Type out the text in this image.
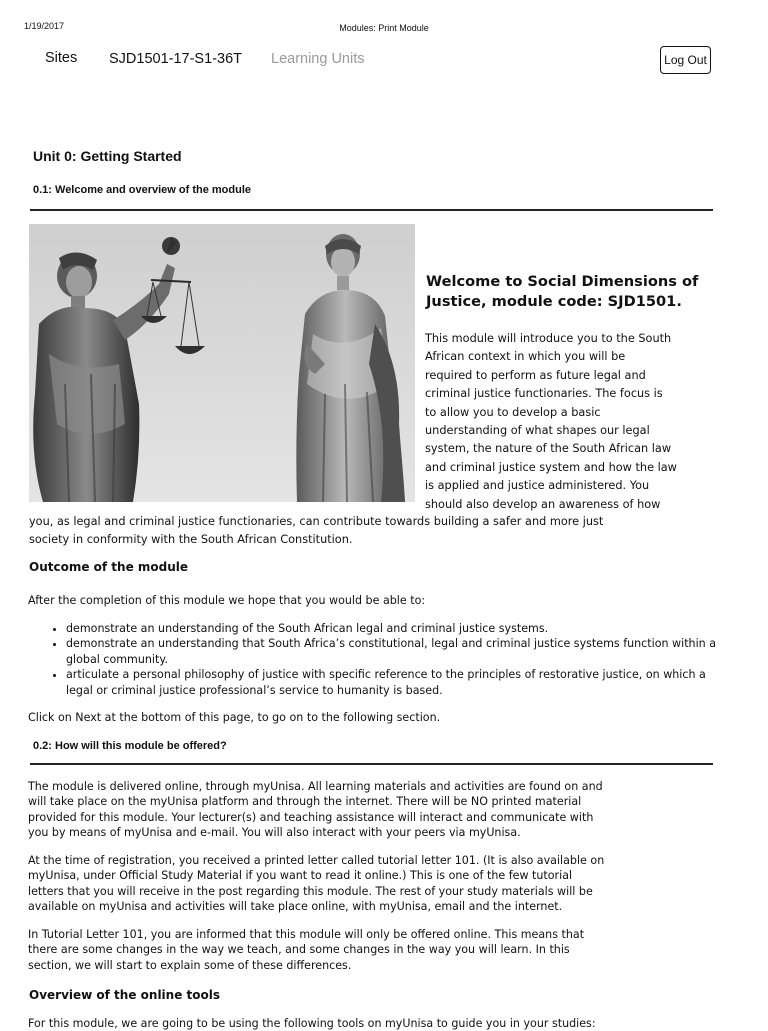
1/19/2017	Modules: Print Module
Sites SJD1501-17-S1-36T Learning Units	Log Out
Unit 0: Getting Started
0.1: Welcome and overview of the module
Welcome to Social Dimensions of Justice, module code: SJD1501.

This module will introduce you to the South

African context in which you will be

required to perform as future legal and

criminal justice functionaries. The focus is

to allow you to develop a basic

understanding of what shapes our legal

system, the nature of the South African law

and criminal justice system and how the law

is applied and justice administered. You

should also develop an awareness of how

you, as legal and criminal justice functionaries, can contribute towards building a safer and more just

society in conformity with the South African Constitution.

Outcome of the module

After the completion of this module we hope that you would be able to:

• demonstrate an understanding of the South African legal and criminal justice systems.
• demonstrate an understanding that South Africa’s constitutional, legal and criminal justice systems function within a global community.
• articulate a personal philosophy of justice with specific reference to the principles of restorative justice, on which a legal or criminal justice professional’s service to humanity is based.

Click on Next at the bottom of this page, to go on to the following section.

0.2: How will this module be offered?

The module is delivered online, through myUnisa. All learning materials and activities are found on and

will take place on the myUnisa platform and through the internet. There will be NO printed material

provided for this module. Your lecturer(s) and teaching assistance will interact and communicate with

you by means of myUnisa and e-mail. You will also interact with your peers via myUnisa.

At the time of registration, you received a printed letter called tutorial letter 101. (It is also available on

myUnisa, under Official Study Material if you want to read it online.) This is one of the few tutorial

letters that you will receive in the post regarding this module. The rest of your study materials will be

available on myUnisa and activities will take place online, with myUnisa, email and the internet.

In Tutorial Letter 101, you are informed that this module will only be offered online. This means that

there are some changes in the way we teach, and some changes in the way you will learn. In this

section, we will start to explain some of these differences.

Overview of the online tools

For this module, we are going to be using the following tools on myUnisa to guide you in your studies:
